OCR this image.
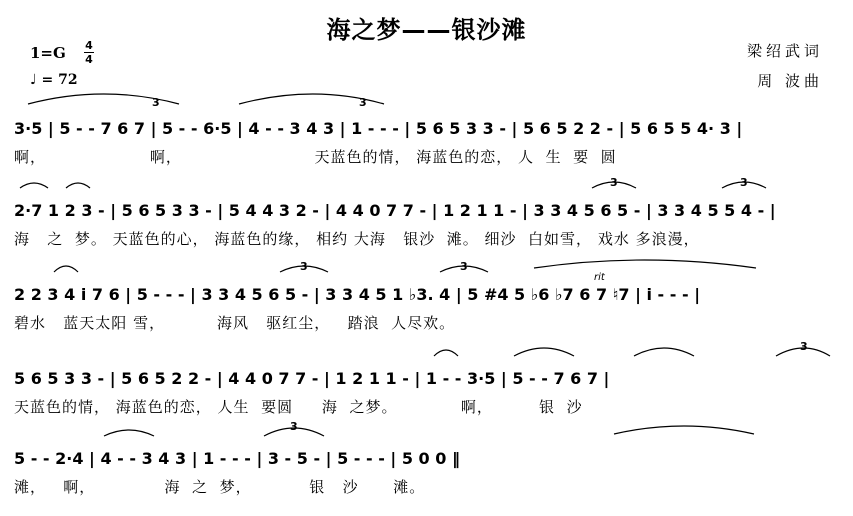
海之梦——银沙滩
1=G 4
4
♩ = 72
梁绍武词
周 波曲
3	3
3·5 | 5 - - 7 6 7 | 5 - - 6·5 | 4 - - 3 4 3 | 1 - - - | 5 6 5 3 3 - | 5 6 5 2 2 - | 5 6 5 5 4· 3 |
啊，                  啊，                       天蓝色的情， 海蓝色的恋， 人  生  要  圆
3	3
2·7 1 2 3 - | 5 6 5 3 3 - | 5 4 4 3 2 - | 4 4 0 7 7 - | 1 2 1 1 - | 3 3 4 5 6 5 - | 3 3 4 5 5 4 - |
海   之  梦。 天蓝色的心， 海蓝色的缘， 相约 大海   银沙  滩。 细沙  白如雪， 戏水 多浪漫，
3	3
rit
2 2 3 4 i 7 6 | 5 - - - | 3 3 4 5 6 5 - | 3 3 4 5 1 ♭3. 4 | 5 #4 5 ♭6 ♭7 6 7 ♮7 | i - - - |
碧水   蓝天太阳 雪，         海风   驱红尘，   踏浪  人尽欢。
3
5 6 5 3 3 - | 5 6 5 2 2 - | 4 4 0 7 7 - | 1 2 1 1 - | 1 - - 3·5 | 5 - - 7 6 7 |
天蓝色的情， 海蓝色的恋， 人生  要圆     海  之梦。           啊，        银  沙
3
5 - - 2·4 | 4 - - 3 4 3 | 1 - - - | 3 - 5 - | 5 - - - | 5 0 0 ‖
滩，   啊，            海  之  梦，          银   沙      滩。
